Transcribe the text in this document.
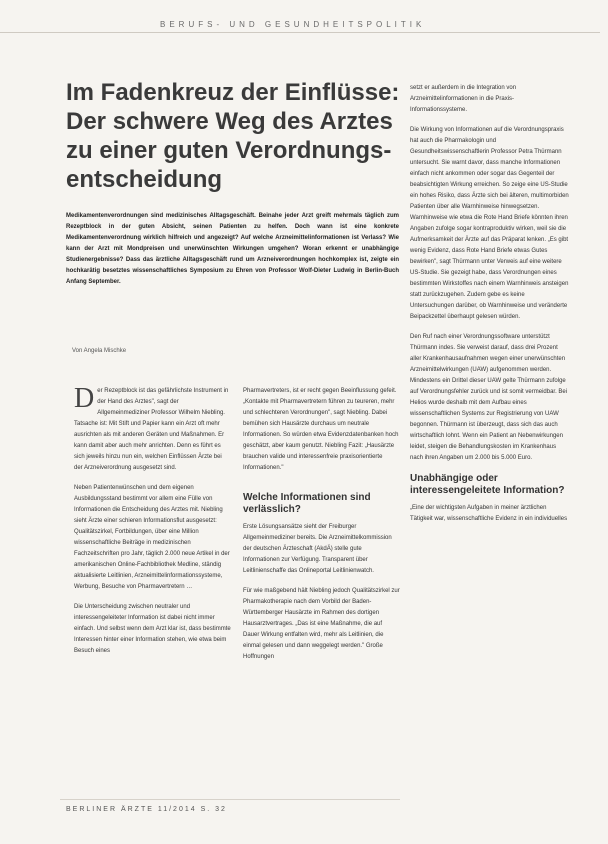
BERUFS- UND GESUNDHEITSPOLITIK
Im Fadenkreuz der Einflüsse:
Der schwere Weg des Arztes
zu einer guten Verordnungs-
entscheidung
Medikamentenverordnungen sind medizinisches Alltagsgeschäft. Beinahe jeder Arzt greift mehrmals täglich zum Rezeptblock in der guten Absicht, seinen Patienten zu helfen. Doch wann ist eine konkrete Medikamentenverordnung wirklich hilfreich und angezeigt? Auf welche Arzneimittelinformationen ist Verlass? Wie kann der Arzt mit Mondpreisen und unerwünschten Wirkungen umgehen? Woran erkennt er unabhängige Studienergebnisse? Dass das ärztliche Alltagsgeschäft rund um Arzneiverordnungen hochkomplex ist, zeigte ein hochkarätig besetztes wissenschaftliches Symposium zu Ehren von Professor Wolf-Dieter Ludwig in Berlin-Buch Anfang September.
Von Angela Mischke

Der Rezeptblock ist das gefährlichste Instrument in der Hand des Arztes", sagt der Allgemeinmediziner Professor Wilhelm Niebling. Tatsache ist: Mit Stift und Papier kann ein Arzt oft mehr ausrichten als mit anderen Geräten und Maßnahmen. Er kann damit aber auch mehr anrichten. Denn es führt es sich jeweils hinzu nun ein, welchen Einflüssen Ärzte bei der Arzneiverordnung ausgesetzt sind.

Neben Patientenwünschen und dem eigenen Ausbildungsstand bestimmt vor allem eine Fülle von Informationen die Entscheidung des Arztes mit. Niebling sieht Ärzte einer schieren Informationsflut ausgesetzt: Qualitätszirkel, Fortbildungen, über eine Million wissenschaftliche Beiträge in medizinischen Fachzeitschriften pro Jahr, täglich 2.000 neue Artikel in der amerikanischen Online-Fachbibliothek Medline, ständig aktualisierte Leitlinien, Arzneimittelinformationssysteme, Werbung, Besuche von Pharmavertretern …

Die Unterscheidung zwischen neutraler und interessengeleiteter Information ist dabei nicht immer einfach. Und selbst wenn dem Arzt klar ist, dass bestimmte Interessen hinter einer Information stehen, wie etwa beim Besuch eines

Pharmavertreters, ist er recht gegen Beeinflussung gefeit. „Kontakte mit Pharmavertretern führen zu teureren, mehr und schlechteren Verordnungen", sagt Niebling. Dabei bemühen sich Hausärzte durchaus um neutrale Informationen. So würden etwa Evidenzdatenbanken hoch geschätzt, aber kaum genutzt. Niebling Fazit: „Hausärzte brauchen valide und interessenfreie praxisorientierte Informationen."

Welche Informationen sind verlässlich?

Erste Lösungsansätze sieht der Freiburger Allgemeinmediziner bereits. Die Arzneimittelkommission der deutschen Ärzteschaft (AkdÄ) stelle gute Informationen zur Verfügung. Transparent über Leitlinienschaffe das Onlineportal Leitlinienwatch.

Für wie maßgebend hält Niebling jedoch Qualitätszirkel zur Pharmakotherapie nach dem Vorbild der Baden-Württemberger Hausärzte im Rahmen des dortigen Hausarztvertrages. „Das ist eine Maßnahme, die auf Dauer Wirkung entfalten wird, mehr als Leitlinien, die einmal gelesen und dann weggelegt werden." Große Hoffnungen

setzt er außerdem in die Integration von Arzneimittelinformationen in die Praxis-Informationssysteme.

Die Wirkung von Informationen auf die Verordnungspraxis hat auch die Pharmakologin und Gesundheitswissenschaftlerin Professor Petra Thürmann untersucht. Sie warnt davor, dass manche Informationen einfach nicht ankommen oder sogar das Gegenteil der beabsichtigten Wirkung erreichen. So zeige eine US-Studie ein hohes Risiko, dass Ärzte sich bei älteren, multimorbiden Patienten über alle Warnhinweise hinwegsetzen. Warnhinweise wie etwa die Rote Hand Briefe könnten ihren Angaben zufolge sogar kontraproduktiv wirken, weil sie die Aufmerksamkeit der Ärzte auf das Präparat lenken. „Es gibt wenig Evidenz, dass Rote Hand Briefe etwas Gutes bewirken", sagt Thürmann unter Verweis auf eine weitere US-Studie. Sie gezeigt habe, dass Verordnungen eines bestimmten Wirkstoffes nach einem Warnhinweis ansteigen statt zurückzugehen. Zudem gebe es keine Untersuchungen darüber, ob Warnhinweise und veränderte Beipackzettel überhaupt gelesen würden.

Den Ruf nach einer Verordnungssoftware unterstützt Thürmann indes. Sie verweist darauf, dass drei Prozent aller Krankenhausaufnahmen wegen einer unerwünschten Arzneimittelwirkungen (UAW) aufgenommen werden. Mindestens ein Drittel dieser UAW gelte Thürmann zufolge auf Verordnungsfehler zurück und ist somit vermeidbar. Bei Helios wurde deshalb mit dem Aufbau eines wissenschaftlichen Systems zur Registrierung von UAW begonnen. Thürmann ist überzeugt, dass sich das auch wirtschaftlich lohnt. Wenn ein Patient an Nebenwirkungen leidet, steigen die Behandlungskosten im Krankenhaus nach ihren Angaben um 2.000 bis 5.000 Euro.

Unabhängige oder interessengeleitete Information?

„Eine der wichtigsten Aufgaben in meiner ärztlichen Tätigkeit war, wissenschaftliche Evidenz in ein individuelles

BERLINER ÄRZTE 11/2014 S. 32
